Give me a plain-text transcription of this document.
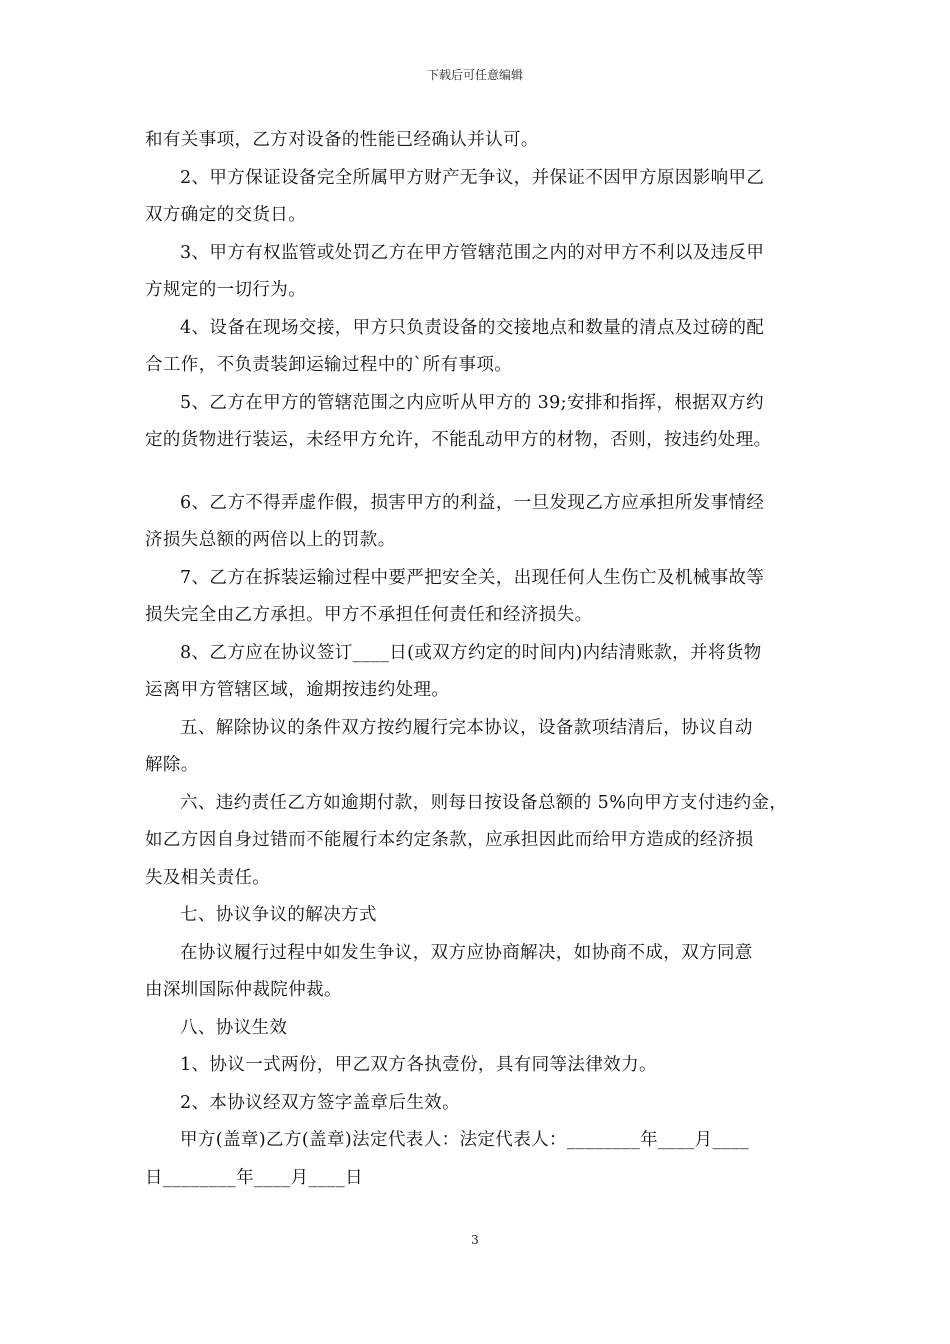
下载后可任意编辑

和有关事项，乙方对设备的性能已经确认并认可。

2、甲方保证设备完全所属甲方财产无争议，并保证不因甲方原因影响甲乙
双方确定的交货日。

3、甲方有权监管或处罚乙方在甲方管辖范围之内的对甲方不利以及违反甲
方规定的一切行为。

4、设备在现场交接，甲方只负责设备的交接地点和数量的清点及过磅的配
合工作，不负责装卸运输过程中的`所有事项。

5、乙方在甲方的管辖范围之内应听从甲方的 39;安排和指挥，根据双方约
定的货物进行装运，未经甲方允许，不能乱动甲方的材物，否则，按违约处理。

6、乙方不得弄虚作假，损害甲方的利益，一旦发现乙方应承担所发事情经
济损失总额的两倍以上的罚款。

7、乙方在拆装运输过程中要严把安全关，出现任何人生伤亡及机械事故等
损失完全由乙方承担。甲方不承担任何责任和经济损失。

8、乙方应在协议签订____日(或双方约定的时间内)内结清账款，并将货物
运离甲方管辖区域，逾期按违约处理。

五、解除协议的条件双方按约履行完本协议，设备款项结清后，协议自动
解除。

六、违约责任乙方如逾期付款，则每日按设备总额的 5%向甲方支付违约金，
如乙方因自身过错而不能履行本约定条款，应承担因此而给甲方造成的经济损
失及相关责任。

七、协议争议的解决方式

在协议履行过程中如发生争议，双方应协商解决，如协商不成，双方同意
由深圳国际仲裁院仲裁。

八、协议生效

1、协议一式两份，甲乙双方各执壹份，具有同等法律效力。

2、本协议经双方签字盖章后生效。

甲方(盖章)乙方(盖章)法定代表人：法定代表人：________年____月____
日________年____月____日

3
